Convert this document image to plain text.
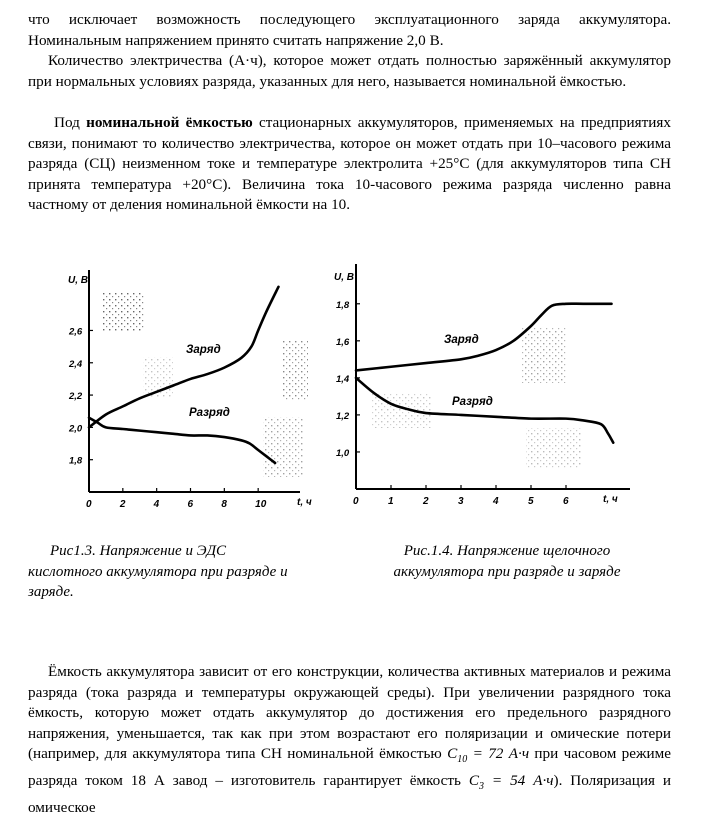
что исключает возможность последующего эксплуатационного заряда аккумулятора. Номинальным напряжением принято считать напряжение 2,0 В.

Количество электричества (А·ч), которое может отдать полностью заряжённый аккумулятор при нормальных условиях разряда, указанных для него, называется номинальной ёмкостью.

Под номинальной ёмкостью стационарных аккумуляторов, применяемых на предприятиях связи, понимают то количество электричества, которое он может отдать при 10–часового режима разряда (СЦ) неизменном токе и температуре электролита +25°С (для аккумуляторов типа СН принята температура +20°С). Величина тока 10-часового режима разряда численно равна частному от деления номинальной ёмкости на 10.

0	2	4	6	8	10
1,8
2,0
2,2
2,4
2,6
U, B
t, ч
Заряд
Разряд
0	1	2	3	4	5	6
1,0
1,2
1,4
1,6
1,8
U, B
t, ч
Заряд
Разряд

Рис1.3. Напряжение и ЭДС кислотного аккумулятора при разряде и заряде.

Рис.1.4. Напряжение щелочного аккумулятора при разряде и заряде

Ёмкость аккумулятора зависит от его конструкции, количества активных материалов и режима разряда (тока разряда и температуры окружающей среды). При увеличении разрядного тока ёмкость, которую может отдать аккумулятор до достижения его предельного разрядного напряжения, уменьшается, так как при этом возрастают его поляризации и омические потери (например, для аккумулятора типа СН номинальной ёмкостью $C_{10} = 72$ А·ч при часовом режиме разряда током 18 А завод – изготовитель гарантирует ёмкость $C_3 = 54$ А·ч). Поляризация и омическое
